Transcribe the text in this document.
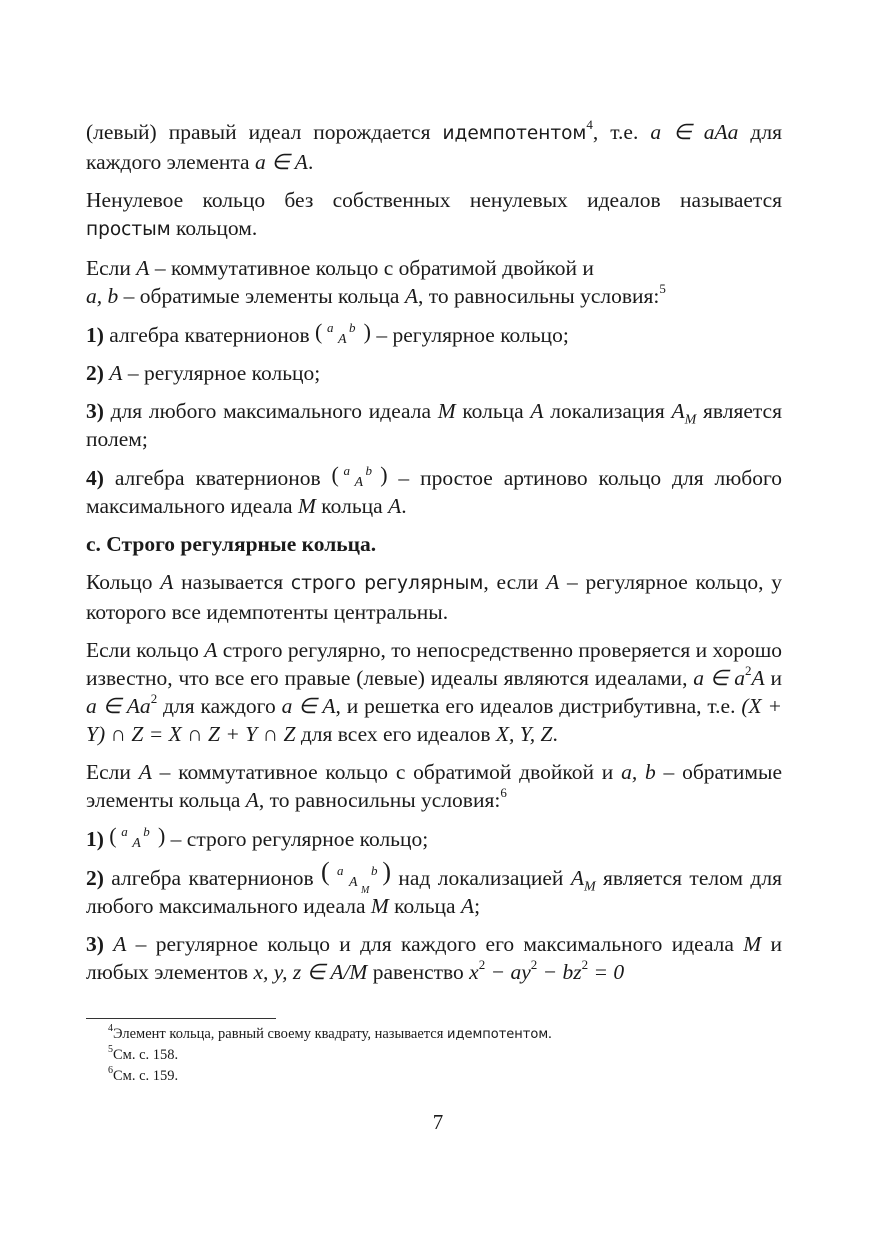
(левый) правый идеал порождается идемпотентом$^4$, т.е. a ∈ aAa для каждого элемента a ∈ A.

Ненулевое кольцо без собственных ненулевых идеалов называется простым кольцом.

Если A – коммутативное кольцо с обратимой двойкой и
a, b – обратимые элементы кольца A, то равносильны условия:$^5$

1) алгебра кватернионов ( a b
A ) – регулярное кольцо;

2) A – регулярное кольцо;

3) для любого максимального идеала M кольца A локализация $A_M$ является полем;

4) алгебра кватернионов ( a b
A ) – простое артиново кольцо для любого максимального идеала M кольца A.

c. Строго регулярные кольца.

Кольцо A называется строго регулярным, если A – регулярное кольцо, у которого все идемпотенты центральны.

Если кольцо A строго регулярно, то непосредственно проверяется и хорошо известно, что все его правые (левые) идеалы являются идеалами, a ∈ $a^2A$ и a ∈ Aa$^2$ для каждого a ∈ A, и решетка его идеалов дистрибутивна, т.е. (X + Y) ∩ Z = X ∩ Z + Y ∩ Z для всех его идеалов X, Y, Z.

Если A – коммутативное кольцо с обратимой двойкой и a, b – обратимые элементы кольца A, то равносильны условия:$^6$

1) ( a b
A ) – строго регулярное кольцо;

2) алгебра кватернионов ( a b
A
M
) над локализацией $A_M$ является телом для любого максимального идеала M кольца A;

3) A – регулярное кольцо и для каждого его максимального идеала M и любых элементов x, y, z ∈ A/M равенство $x^2 - ay^2 - bz^2 = 0$

$^4$Элемент кольца, равный своему квадрату, называется идемпотентом.

$^5$См. с. 158.

$^6$См. с. 159.

7
